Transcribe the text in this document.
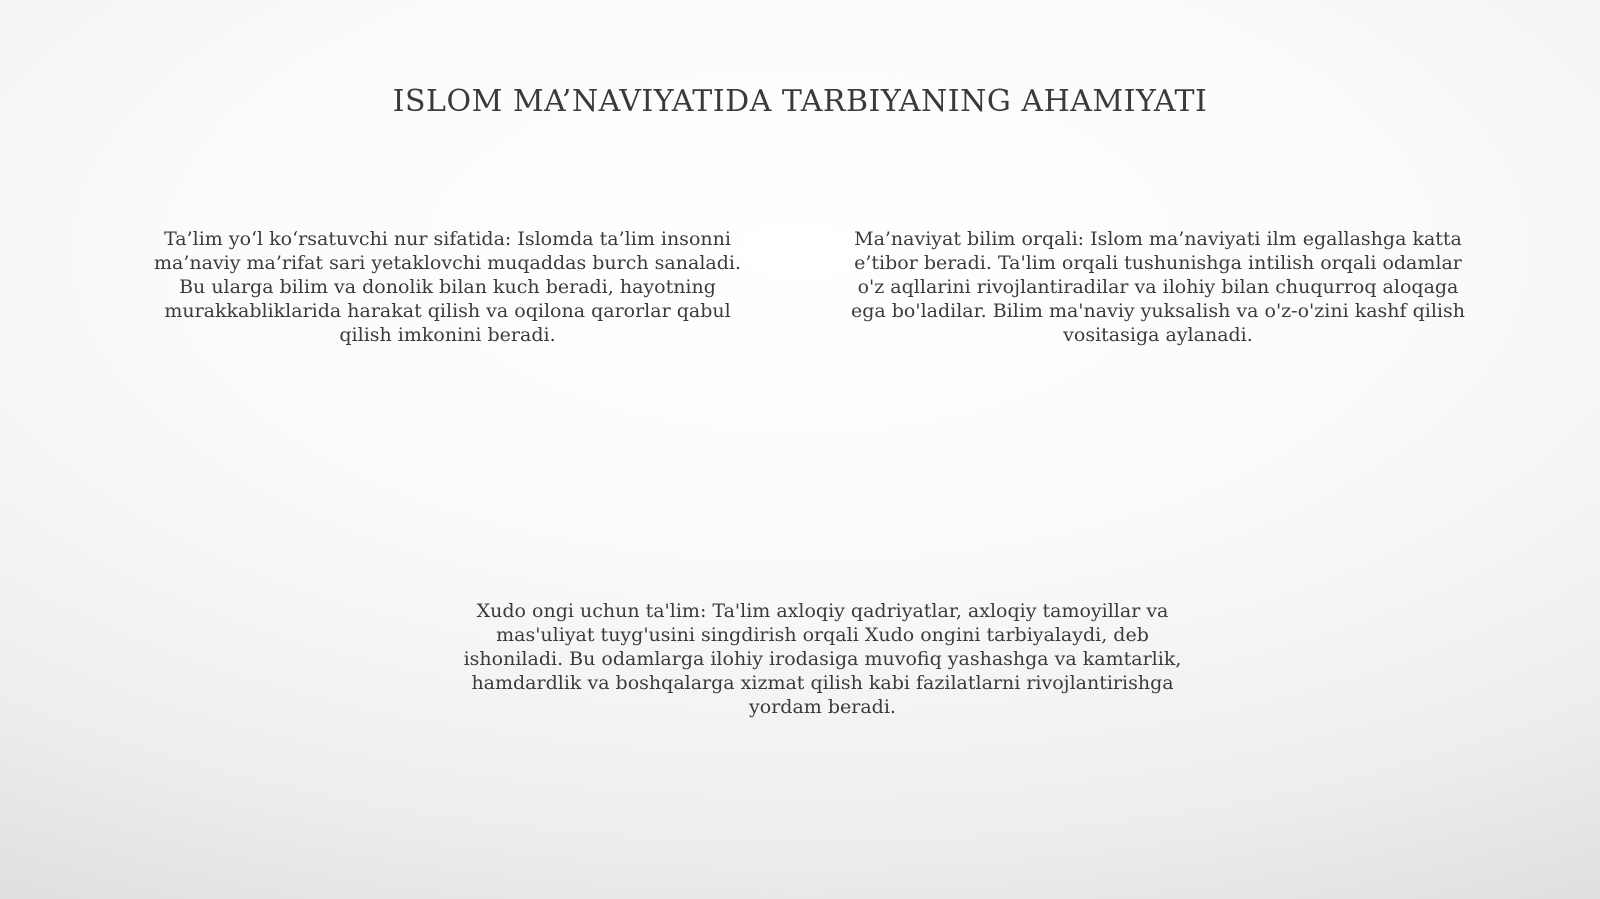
ISLOM MA’NAVIYATIDA TARBIYANING AHAMIYATI

Ta’lim yo‘l ko‘rsatuvchi nur sifatida: Islomda ta’lim insonni ma’naviy ma’rifat sari yetaklovchi muqaddas burch sanaladi. Bu ularga bilim va donolik bilan kuch beradi, hayotning murakkabliklarida harakat qilish va oqilona qarorlar qabul qilish imkonini beradi.

Ma’naviyat bilim orqali: Islom ma’naviyati ilm egallashga katta e’tibor beradi. Ta'lim orqali tushunishga intilish orqali odamlar o'z aqllarini rivojlantiradilar va ilohiy bilan chuqurroq aloqaga ega bo'ladilar. Bilim ma'naviy yuksalish va o'z-o'zini kashf qilish vositasiga aylanadi.

Xudo ongi uchun ta'lim: Ta'lim axloqiy qadriyatlar, axloqiy tamoyillar va mas'uliyat tuyg'usini singdirish orqali Xudo ongini tarbiyalaydi, deb ishoniladi. Bu odamlarga ilohiy irodasiga muvofiq yashashga va kamtarlik, hamdardlik va boshqalarga xizmat qilish kabi fazilatlarni rivojlantirishga yordam beradi.
